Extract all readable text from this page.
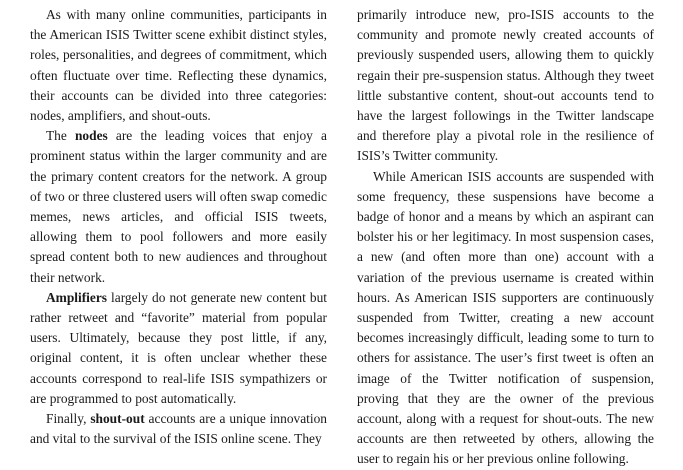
As with many online communities, participants in the American ISIS Twitter scene exhibit distinct styles, roles, personalities, and degrees of commitment, which often fluctuate over time. Reflecting these dynamics, their accounts can be divided into three categories: nodes, amplifiers, and shout-outs.

The nodes are the leading voices that enjoy a prominent status within the larger community and are the primary content creators for the network. A group of two or three clustered users will often swap comedic memes, news articles, and official ISIS tweets, allowing them to pool followers and more easily spread content both to new audiences and throughout their network.

Amplifiers largely do not generate new content but rather retweet and “favorite” material from popular users. Ultimately, because they post little, if any, original content, it is often unclear whether these accounts correspond to real-life ISIS sympathizers or are programmed to post automatically.

Finally, shout-out accounts are a unique innovation and vital to the survival of the ISIS online scene. They

primarily introduce new, pro-ISIS accounts to the community and promote newly created accounts of previously suspended users, allowing them to quickly regain their pre-suspension status. Although they tweet little substantive content, shout-out accounts tend to have the largest followings in the Twitter landscape and therefore play a pivotal role in the resilience of ISIS’s Twitter community.

While American ISIS accounts are suspended with some frequency, these suspensions have become a badge of honor and a means by which an aspirant can bolster his or her legitimacy. In most suspension cases, a new (and often more than one) account with a variation of the previous username is created within hours. As American ISIS supporters are continuously suspended from Twitter, creating a new account becomes increasingly difficult, leading some to turn to others for assistance. The user’s first tweet is often an image of the Twitter notification of suspension, proving that they are the owner of the previous account, along with a request for shout-outs. The new accounts are then retweeted by others, allowing the user to regain his or her previous online following.
